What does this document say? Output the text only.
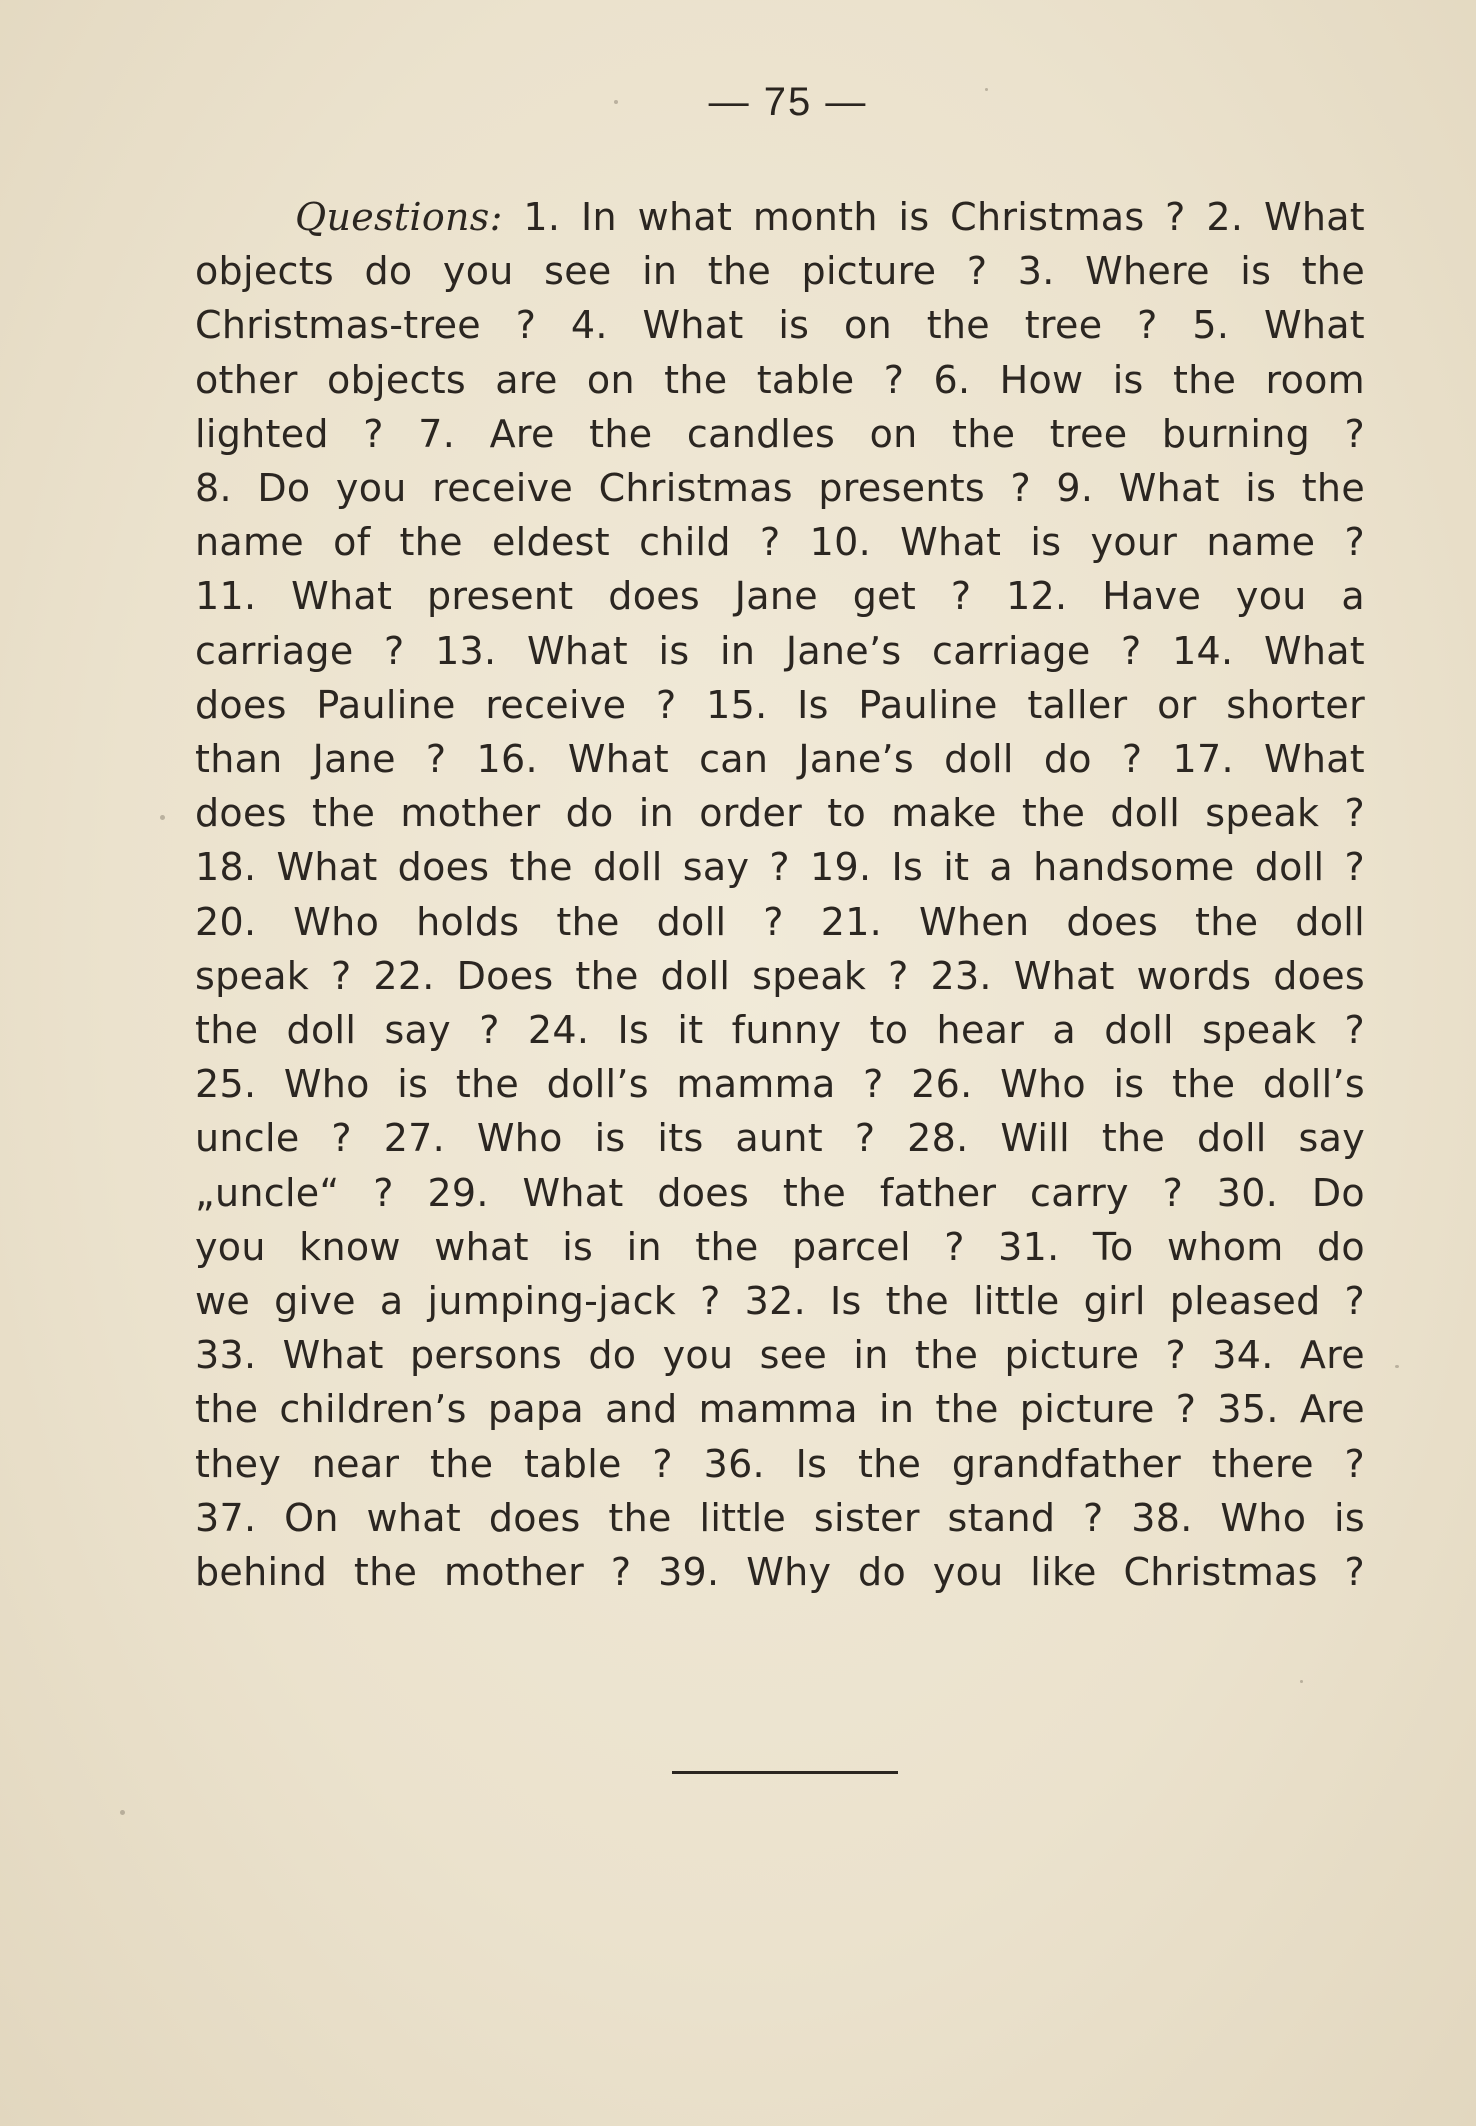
— 75 —
Questions: 1. In what month is Christmas ? 2. What
objects do you see in the picture ? 3. Where is the
Christmas-tree ? 4. What is on the tree ? 5. What
other objects are on the table ? 6. How is the room
lighted ? 7. Are the candles on the tree burning ?
8. Do you receive Christmas presents ? 9. What is the
name of the eldest child ? 10. What is your name ?
11. What present does Jane get ? 12. Have you a
carriage ? 13. What is in Jane’s carriage ? 14. What
does Pauline receive ? 15. Is Pauline taller or shorter
than Jane ? 16. What can Jane’s doll do ? 17. What
does the mother do in order to make the doll speak ?
18. What does the doll say ? 19. Is it a handsome doll ?
20. Who holds the doll ? 21. When does the doll
speak ? 22. Does the doll speak ? 23. What words does
the doll say ? 24. Is it funny to hear a doll speak ?
25. Who is the doll’s mamma ? 26. Who is the doll’s
uncle ? 27. Who is its aunt ? 28. Will the doll say
„uncle“ ? 29. What does the father carry ? 30. Do
you know what is in the parcel ? 31. To whom do
we give a jumping-jack ? 32. Is the little girl pleased ?
33. What persons do you see in the picture ? 34. Are
the children’s papa and mamma in the picture ? 35. Are
they near the table ? 36. Is the grandfather there ?
37. On what does the little sister stand ? 38. Who is
behind the mother ? 39. Why do you like Christmas ?
